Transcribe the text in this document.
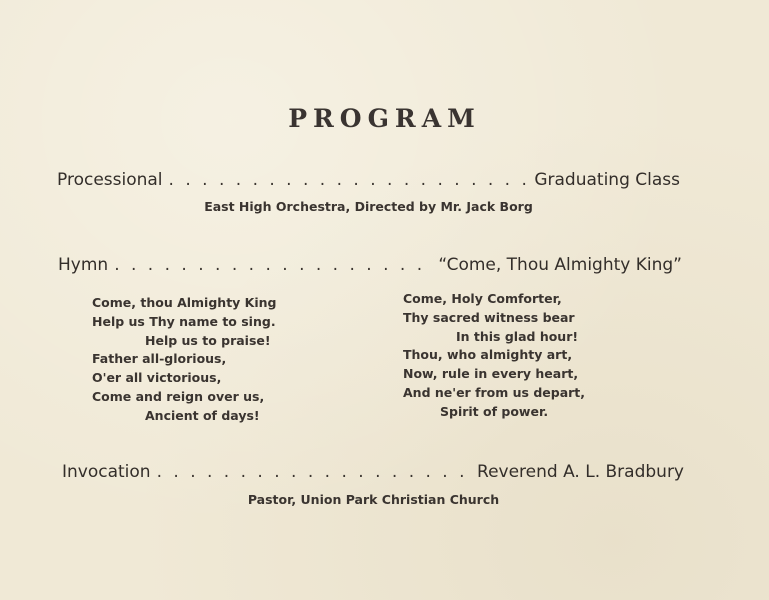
PROGRAM
Processional . . .	Graduating Class
East High Orchestra, Directed by Mr. Jack Borg
Hymn . . .	“Come, Thou Almighty King”
Come, thou Almighty King
Help us Thy name to sing.
Help us to praise!
Father all-glorious,
O'er all victorious,
Come and reign over us,
Ancient of days!
Come, Holy Comforter,
Thy sacred witness bear
In this glad hour!
Thou, who almighty art,
Now, rule in every heart,
And ne'er from us depart,
Spirit of power.
Invocation . . .	Reverend A. L. Bradbury
Pastor, Union Park Christian Church
